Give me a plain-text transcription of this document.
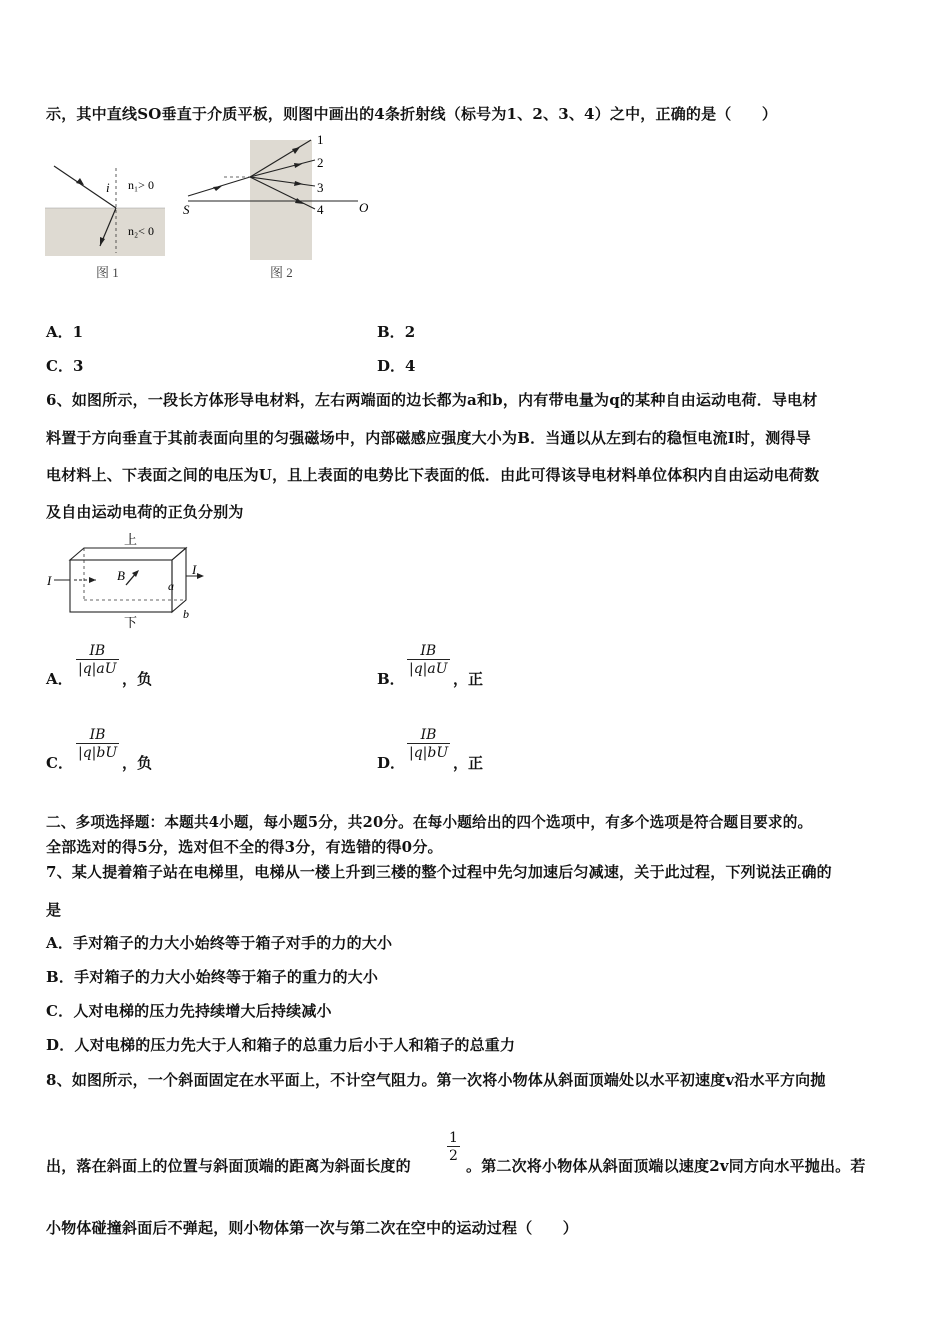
示，其中直线SO垂直于介质平板，则图中画出的4条折射线（标号为1、2、3、4）之中，正确的是（　　）
i n₁> 0
n₂< 0
图 1
1
2
3
4
S	O
图 2
A．1	B．2
C．3	D．4
6、如图所示，一段长方体形导电材料，左右两端面的边长都为a和b，内有带电量为q的某种自由运动电荷．导电材
料置于方向垂直于其前表面向里的匀强磁场中，内部磁感应强度大小为B．当通以从左到右的稳恒电流I时，测得导
电材料上、下表面之间的电压为U，且上表面的电势比下表面的低．由此可得该导电材料单位体积内自由运动电荷数
及自由运动电荷的正负分别为
I
I
B
a
b
上
下
A．
$\frac{IB}{|q|aU}$
，负	B．
$\frac{IB}{|q|aU}$
，正
C．
$\frac{IB}{|q|bU}$
，负	D．
$\frac{IB}{|q|bU}$
，正
二、多项选择题：本题共4小题，每小题5分，共20分。在每小题给出的四个选项中，有多个选项是符合题目要求的。
全部选对的得5分，选对但不全的得3分，有选错的得0分。
7、某人提着箱子站在电梯里，电梯从一楼上升到三楼的整个过程中先匀加速后匀减速，关于此过程，下列说法正确的
是
A．手对箱子的力大小始终等于箱子对手的力的大小
B．手对箱子的力大小始终等于箱子的重力的大小
C．人对电梯的压力先持续增大后持续减小
D．人对电梯的压力先大于人和箱子的总重力后小于人和箱子的总重力
8、如图所示，一个斜面固定在水平面上，不计空气阻力。第一次将小物体从斜面顶端处以水平初速度v沿水平方向抛
出，落在斜面上的位置与斜面顶端的距离为斜面长度的
$\frac{1}{2}$
。第二次将小物体从斜面顶端以速度2v同方向水平抛出。若
小物体碰撞斜面后不弹起，则小物体第一次与第二次在空中的运动过程（　　）
